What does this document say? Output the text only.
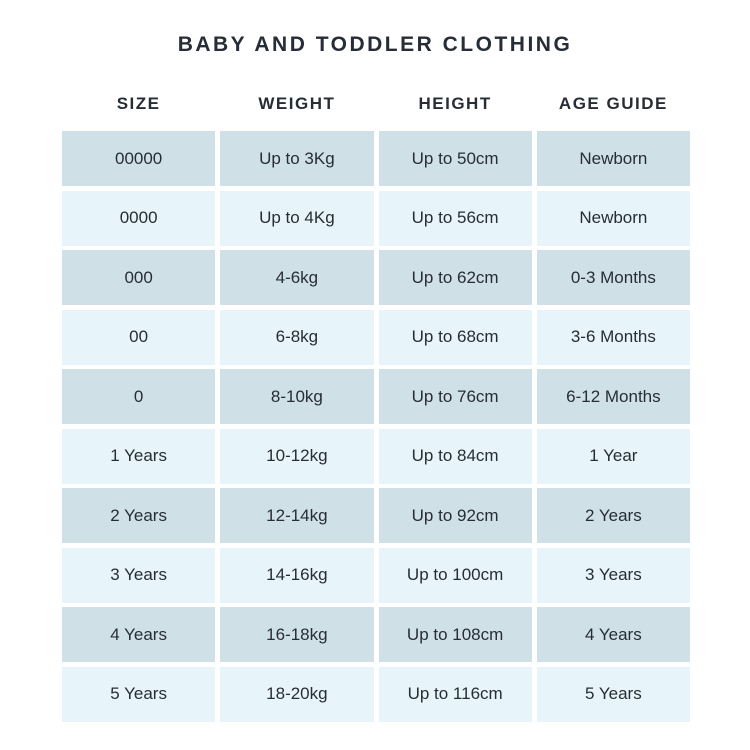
BABY AND TODDLER CLOTHING
SIZE	WEIGHT	HEIGHT	AGE GUIDE
00000	Up to 3Kg	Up to 50cm	Newborn
0000	Up to 4Kg	Up to 56cm	Newborn
000	4-6kg	Up to 62cm	0-3 Months
00	6-8kg	Up to 68cm	3-6 Months
0	8-10kg	Up to 76cm	6-12 Months
1 Years	10-12kg	Up to 84cm	1 Year
2 Years	12-14kg	Up to 92cm	2 Years
3 Years	14-16kg	Up to 100cm	3 Years
4 Years	16-18kg	Up to 108cm	4 Years
5 Years	18-20kg	Up to 116cm	5 Years
